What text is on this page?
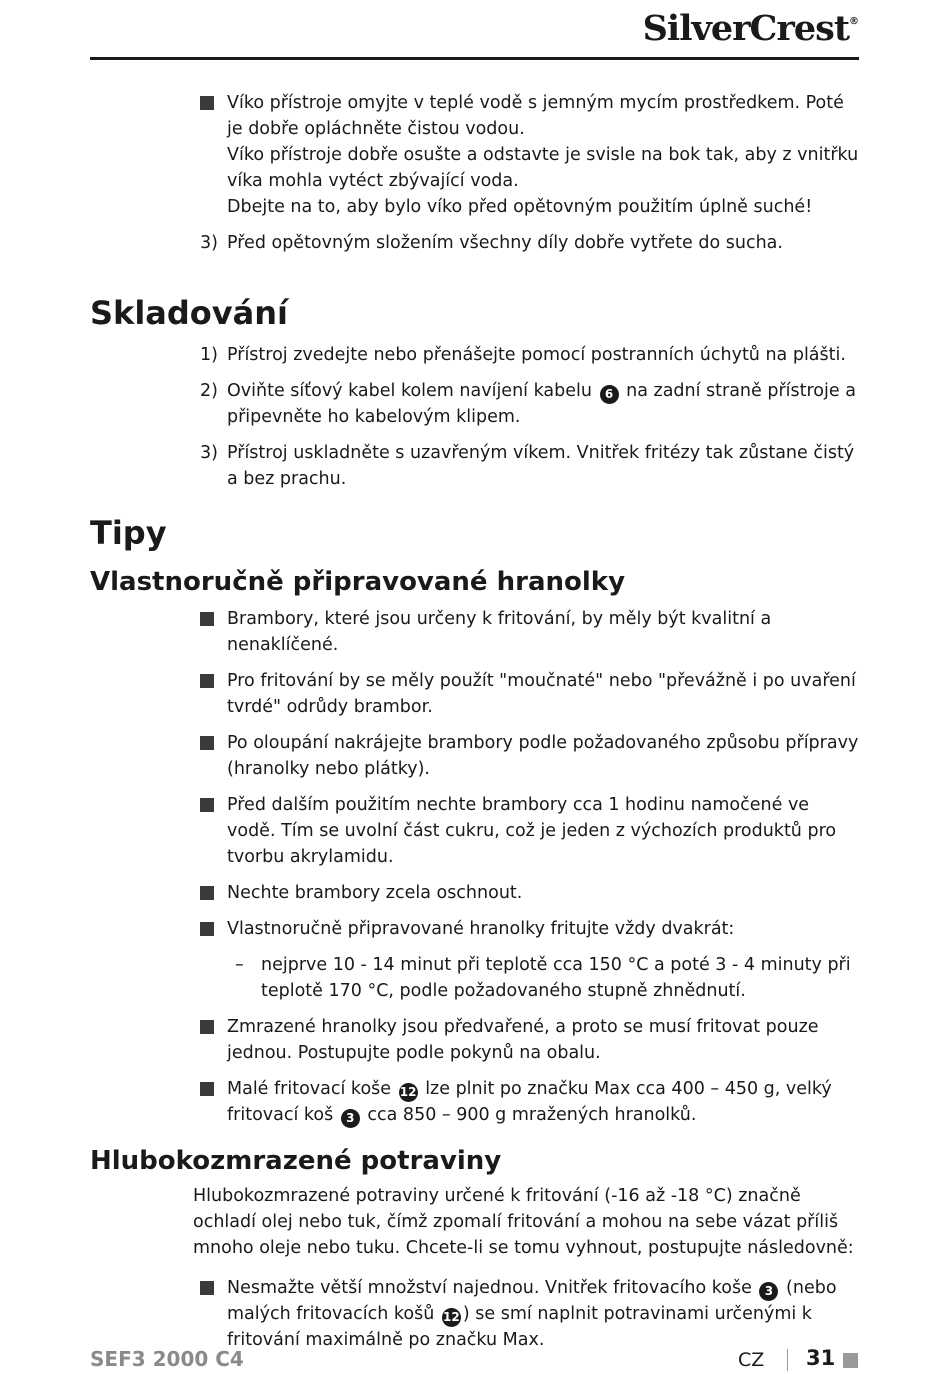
SilverCrest®
Víko přístroje omyjte v teplé vodě s jemným mycím prostředkem. Poté je dobře opláchněte čistou vodou.
Víko přístroje dobře osušte a odstavte je svisle na bok tak, aby z vnitřku víka mohla vytéct zbývající voda.
Dbejte na to, aby bylo víko před opětovným použitím úplně suché!
3) Před opětovným složením všechny díly dobře vytřete do sucha.
Skladování
1) Přístroj zvedejte nebo přenášejte pomocí postranních úchytů na plášti.
2) Oviňte síťový kabel kolem navíjení kabelu 6 na zadní straně přístroje a připevněte ho kabelovým klipem.
3) Přístroj uskladněte s uzavřeným víkem. Vnitřek fritézy tak zůstane čistý a bez prachu.
Tipy
Vlastnoručně připravované hranolky
Brambory, které jsou určeny k fritování, by měly být kvalitní a nenaklíčené.
Pro fritování by se měly použít "moučnaté" nebo "převážně i po uvaření tvrdé" odrůdy brambor.
Po oloupání nakrájejte brambory podle požadovaného způsobu přípravy (hranolky nebo plátky).
Před dalším použitím nechte brambory cca 1 hodinu namočené ve vodě. Tím se uvolní část cukru, což je jeden z výchozích produktů pro tvorbu akrylamidu.
Nechte brambory zcela oschnout.
Vlastnoručně připravované hranolky fritujte vždy dvakrát:
– nejprve 10 - 14 minut při teplotě cca 150 °C a poté 3 - 4 minuty při teplotě 170 °C, podle požadovaného stupně zhnědnutí.
Zmrazené hranolky jsou předvařené, a proto se musí fritovat pouze jednou. Postupujte podle pokynů na obalu.
Malé fritovací koše 12 lze plnit po značku Max cca 400 – 450 g, velký fritovací koš 3 cca 850 – 900 g mražených hranolků.
Hlubokozmrazené potraviny
Hlubokozmrazené potraviny určené k fritování (-16 až -18 °C) značně ochladí olej nebo tuk, čímž zpomalí fritování a mohou na sebe vázat příliš mnoho oleje nebo tuku. Chcete-li se tomu vyhnout, postupujte následovně:
Nesmažte větší množství najednou. Vnitřek fritovacího koše 3 (nebo malých fritovacích košů 12 ) se smí naplnit potravinami určenými k fritování maximálně po značku Max.
SEF3 2000 C4	CZ 31
